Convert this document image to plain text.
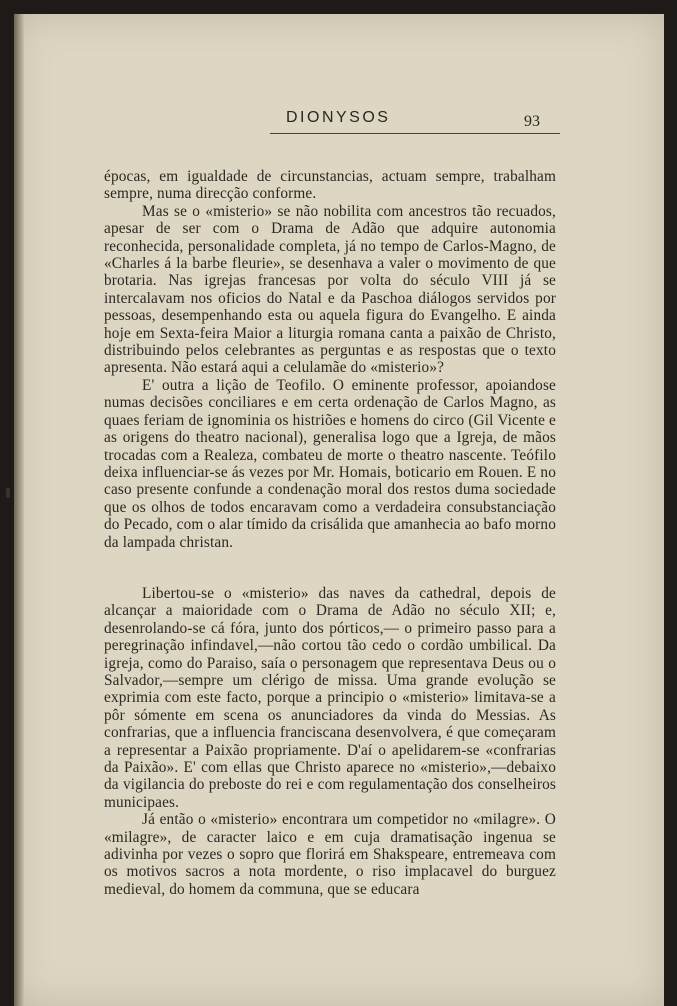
DIONYSOS	93

épocas, em igualdade de circunstancias, actuam sempre, trabalham sempre, numa direcção conforme.

Mas se o «misterio» se não nobilita com ancestros tão recuados, apesar de ser com o Drama de Adão que adquire autonomia reconhecida, personalidade completa, já no tempo de Carlos-Magno, de «Charles á la barbe fleurie», se desenhava a valer o movimento de que brotaria. Nas igrejas francesas por volta do século VIII já se intercalavam nos oficios do Natal e da Paschoa diálogos servidos por pessoas, desempenhando esta ou aquela figura do Evangelho. E ainda hoje em Sexta-feira Maior a liturgia romana canta a paixão de Christo, distribuindo pelos celebrantes as perguntas e as respostas que o texto apresenta. Não estará aqui a celulamãe do «misterio»?

E' outra a lição de Teofilo. O eminente professor, apoiandose numas decisões conciliares e em certa ordenação de Carlos Magno, as quaes feriam de ignominia os histriões e homens do circo (Gil Vicente e as origens do theatro nacional), generalisa logo que a Igreja, de mãos trocadas com a Realeza, combateu de morte o theatro nascente. Teófilo deixa influenciar-se ás vezes por Mr. Homais, boticario em Rouen. E no caso presente confunde a condenação moral dos restos duma sociedade que os olhos de todos encaravam como a verdadeira consubstanciação do Pecado, com o alar tímido da crisálida que amanhecia ao bafo morno da lampada christan.

Libertou-se o «misterio» das naves da cathedral, depois de alcançar a maioridade com o Drama de Adão no século XII; e, desenrolando-se cá fóra, junto dos pórticos,— o primeiro passo para a peregrinação infindavel,—não cortou tão cedo o cordão umbilical. Da igreja, como do Paraiso, saía o personagem que representava Deus ou o Salvador,—sempre um clérigo de missa. Uma grande evolução se exprimia com este facto, porque a principio o «misterio» limitava-se a pôr sómente em scena os anunciadores da vinda do Messias. As confrarias, que a influencia franciscana desenvolvera, é que começaram a representar a Paixão propriamente. D'aí o apelidarem-se «confrarias da Paixão». E' com ellas que Christo aparece no «misterio»,—debaixo da vigilancia do preboste do rei e com regulamentação dos conselheiros municipaes.

Já então o «misterio» encontrara um competidor no «milagre». O «milagre», de caracter laico e em cuja dramatisação ingenua se adivinha por vezes o sopro que florirá em Shakspeare, entremeava com os motivos sacros a nota mordente, o riso implacavel do burguez medieval, do homem da communa, que se educara
